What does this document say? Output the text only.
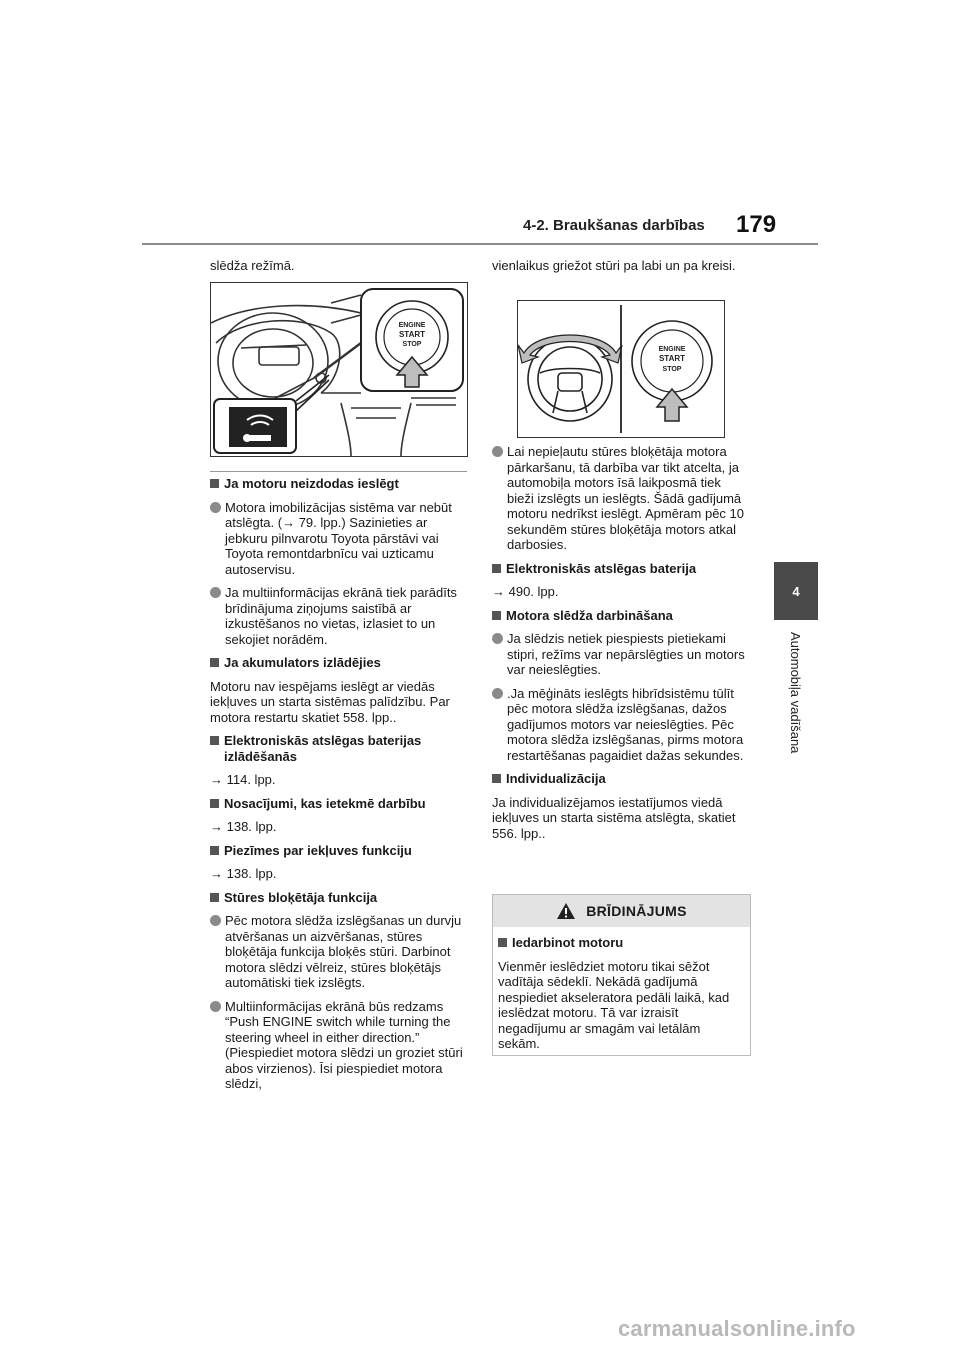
4-2. Braukšanas darbības 179
4
Automobiļa vadīšana
slēdža režīmā.
ENGINE
START
STOP
Ja motoru neizdodas ieslēgt
Motora imobilizācijas sistēma var nebūt atslēgta. (→ 79. lpp.) Sazinieties ar jebkuru pilnvarotu Toyota pārstāvi vai Toyota remontdarbnīcu vai uzticamu autoservisu.
Ja multiinformācijas ekrānā tiek parādīts brīdinājuma ziņojums saistībā ar izkustēšanos no vietas, izlasiet to un sekojiet norādēm.
Ja akumulators izlādējies
Motoru nav iespējams ieslēgt ar viedās iekļuves un starta sistēmas palīdzību. Par motora restartu skatiet 558. lpp..
Elektroniskās atslēgas baterijas izlādēšanās
→ 114. lpp.
Nosacījumi, kas ietekmē darbību
→ 138. lpp.
Piezīmes par iekļuves funkciju
→ 138. lpp.
Stūres bloķētāja funkcija
Pēc motora slēdža izslēgšanas un durvju atvēršanas un aizvēršanas, stūres bloķētāja funkcija bloķēs stūri. Darbinot motora slēdzi vēlreiz, stūres bloķētājs automātiski tiek izslēgts.
Multiinformācijas ekrānā būs redzams “Push ENGINE switch while turning the steering wheel in either direction.” (Piespiediet motora slēdzi un groziet stūri abos virzienos). Īsi piespiediet motora slēdzi,
vienlaikus griežot stūri pa labi un pa kreisi.
ENGINE
START
STOP
Lai nepieļautu stūres bloķētāja motora pārkaršanu, tā darbība var tikt atcelta, ja automobiļa motors īsā laikposmā tiek bieži izslēgts un ieslēgts. Šādā gadījumā motoru nedrīkst ieslēgt. Apmēram pēc 10 sekundēm stūres bloķētāja motors atkal darbosies.
Elektroniskās atslēgas baterija
→ 490. lpp.
Motora slēdža darbināšana
Ja slēdzis netiek piespiests pietiekami stipri, režīms var nepārslēgties un motors var neieslēgties.
.Ja mēģināts ieslēgts hibrīdsistēmu tūlīt pēc motora slēdža izslēgšanas, dažos gadījumos motors var neieslēgties. Pēc motora slēdža izslēgšanas, pirms motora restartēšanas pagaidiet dažas sekundes.
Individualizācija
Ja individualizējamos iestatījumos viedā iekļuves un starta sistēma atslēgta, skatiet 556. lpp..
BRĪDINĀJUMS
Iedarbinot motoru
Vienmēr ieslēdziet motoru tikai sēžot vadītāja sēdeklī. Nekādā gadījumā nespiediet akseleratora pedāli laikā, kad ieslēdzat motoru. Tā var izraisīt negadījumu ar smagām vai letālām sekām.
carmanualsonline.info
